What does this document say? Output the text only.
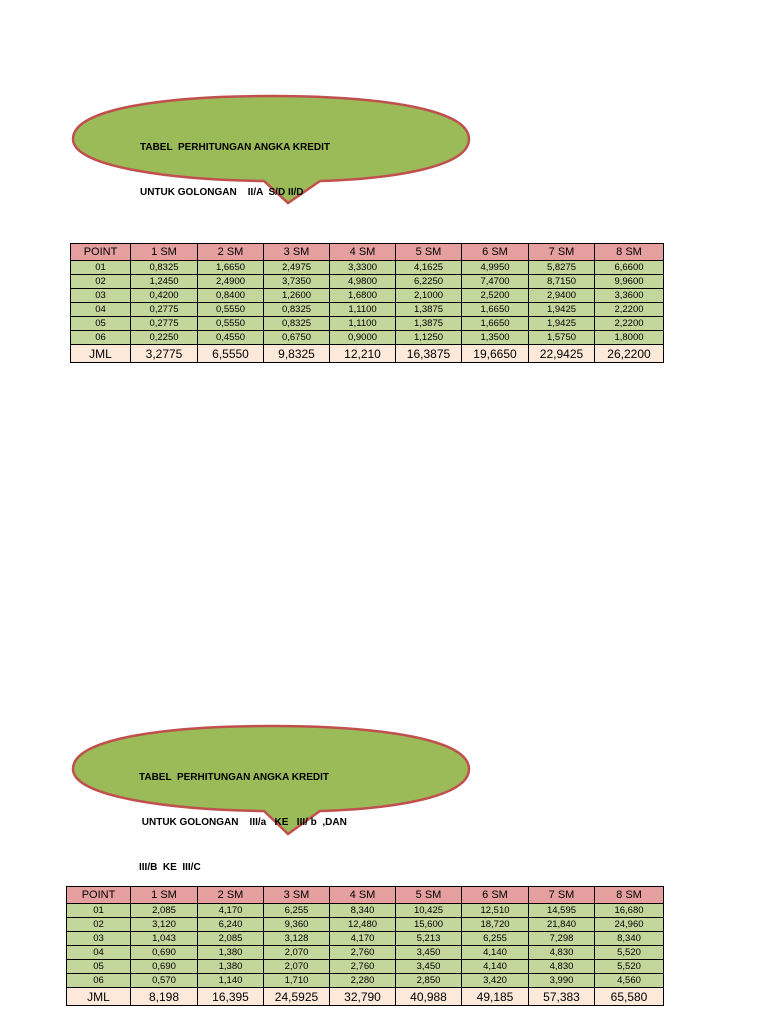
TABEL  PERHITUNGAN ANGKA KREDIT

UNTUK GOLONGAN    II/A  S/D II/D

POINT	1 SM	2 SM	3 SM	4 SM	5 SM	6 SM	7 SM	8 SM
01	0,8325	1,6650	2,4975	3,3300	4,1625	4,9950	5,8275	6,6600
02	1,2450	2,4900	3,7350	4,9800	6,2250	7,4700	8,7150	9,9600
03	0,4200	0,8400	1,2600	1,6800	2,1000	2,5200	2,9400	3,3600
04	0,2775	0,5550	0,8325	1,1100	1,3875	1,6650	1,9425	2,2200
05	0,2775	0,5550	0,8325	1,1100	1,3875	1,6650	1,9425	2,2200
06	0,2250	0,4550	0,6750	0,9000	1,1250	1,3500	1,5750	1,8000
JML	3,2775	6,5550	9,8325	12,210	16,3875	19,6650	22,9425	26,2200

TABEL  PERHITUNGAN ANGKA KREDIT

UNTUK GOLONGAN    III/a   KE   III/ b  ,DAN

III/B  KE  III/C

POINT	1 SM	2 SM	3 SM	4 SM	5 SM	6 SM	7 SM	8 SM
01	2,085	4,170	6,255	8,340	10,425	12,510	14,595	16,680
02	3,120	6,240	9,360	12,480	15,600	18,720	21,840	24,960
03	1,043	2,085	3,128	4,170	5,213	6,255	7,298	8,340
04	0,690	1,380	2,070	2,760	3,450	4,140	4,830	5,520
05	0,690	1,380	2,070	2,760	3,450	4,140	4,830	5,520
06	0,570	1,140	1,710	2,280	2,850	3,420	3,990	4,560
JML	8,198	16,395	24,5925	32,790	40,988	49,185	57,383	65,580
